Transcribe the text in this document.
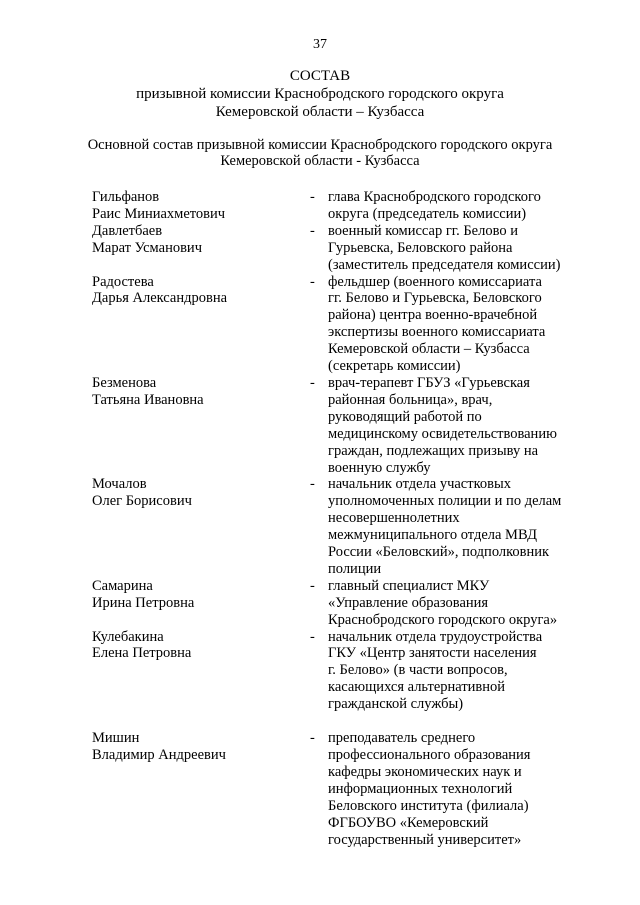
37
СОСТАВ
призывной комиссии Краснобродского городского округа
Кемеровской области – Кузбасса
Основной состав призывной комиссии Краснобродского городского округа
Кемеровской области - Кузбасса
Гильфанов
Раис Миниахметович
- глава Краснобродского городского
округа (председатель комиссии)
Давлетбаев
Марат Усманович
- военный комиссар гг. Белово и
Гурьевска, Беловского района
(заместитель председателя комиссии)
Радостева
Дарья Александровна
- фельдшер (военного комиссариата
гг. Белово и Гурьевска, Беловского
района) центра военно-врачебной
экспертизы военного комиссариата
Кемеровской области – Кузбасса
(секретарь комиссии)
Безменова
Татьяна Ивановна
- врач-терапевт ГБУЗ «Гурьевская
районная больница», врач,
руководящий работой по
медицинскому освидетельствованию
граждан, подлежащих призыву на
военную службу
Мочалов
Олег Борисович
- начальник отдела участковых
уполномоченных полиции и по делам
несовершеннолетних
межмуниципального отдела МВД
России «Беловский», подполковник
полиции
Самарина
Ирина Петровна
- главный специалист МКУ
«Управление образования
Краснобродского городского округа»
Кулебакина
Елена Петровна
- начальник отдела трудоустройства
ГКУ «Центр занятости населения
г. Белово» (в части вопросов,
касающихся альтернативной
гражданской службы)
Мишин
Владимир Андреевич
- преподаватель среднего
профессионального образования
кафедры экономических наук и
информационных технологий
Беловского института (филиала)
ФГБОУВО «Кемеровский
государственный университет»
